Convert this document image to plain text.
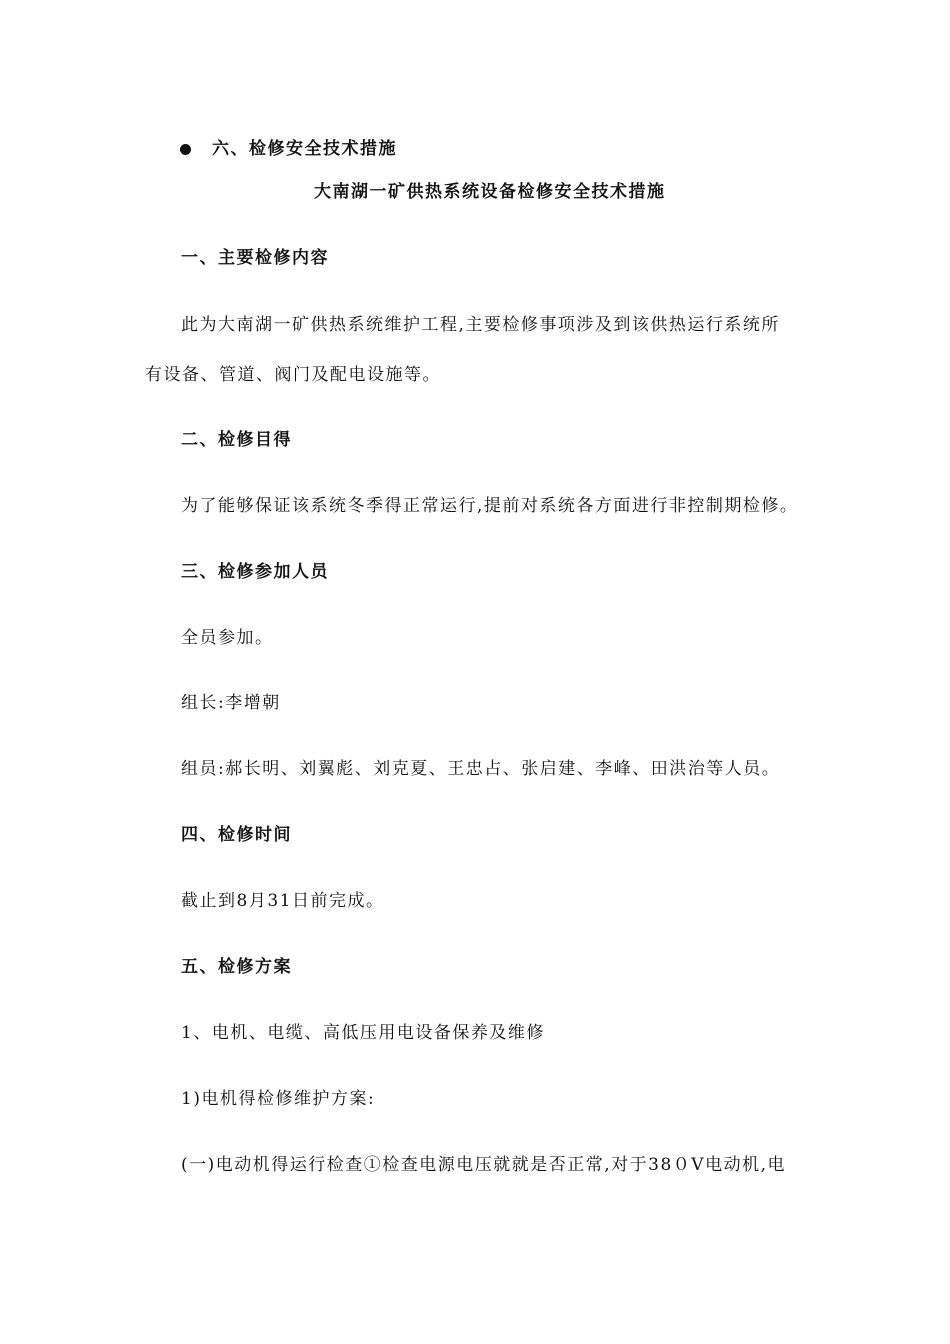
六、检修安全技术措施
大南湖一矿供热系统设备检修安全技术措施
一、主要检修内容
此为大南湖一矿供热系统维护工程,主要检修事项涉及到该供热运行系统所
有设备、管道、阀门及配电设施等。
二、检修目得
为了能够保证该系统冬季得正常运行,提前对系统各方面进行非控制期检修。
三、检修参加人员
全员参加。
组长:李增朝
组员:郝长明、刘翼彪、刘克夏、王忠占、张启建、李峰、田洪治等人员。
四、检修时间
截止到8月31日前完成。
五、检修方案
1、电机、电缆、高低压用电设备保养及维修
1)电机得检修维护方案:
(一)电动机得运行检查①检查电源电压就就是否正常,对于38０V电动机,电
